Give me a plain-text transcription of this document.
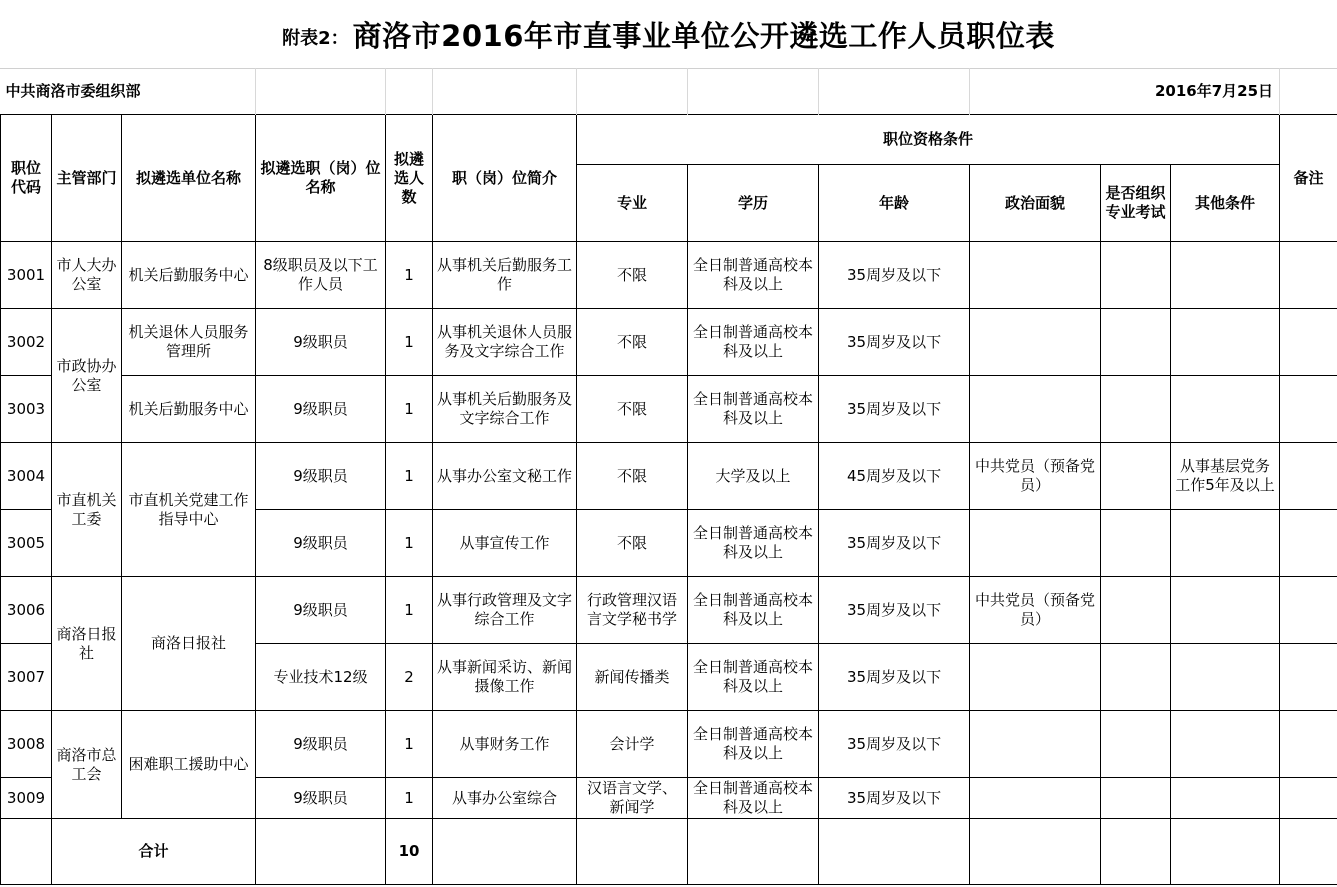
附表2： 商洛市2016年市直事业单位公开遴选工作人员职位表
中共商洛市委组织部									2016年7月25日			
职位代码	主管部门	拟遴选单位名称	拟遴选职（岗）位名称	拟遴选人数	职（岗）位简介	职位资格条件						备注
						专业	学历	年龄	政治面貌	是否组织专业考试	其他条件	
3001	市人大办公室	机关后勤服务中心	8级职员及以下工作人员	1	从事机关后勤服务工作	不限	全日制普通高校本科及以上	35周岁及以下				
3002	市政协办公室	机关退休人员服务管理所	9级职员	1	从事机关退休人员服务及文字综合工作	不限	全日制普通高校本科及以上	35周岁及以下				
3003		机关后勤服务中心	9级职员	1	从事机关后勤服务及文字综合工作	不限	全日制普通高校本科及以上	35周岁及以下				
3004	市直机关工委	市直机关党建工作指导中心	9级职员	1	从事办公室文秘工作	不限	大学及以上	45周岁及以下	中共党员（预备党员）		从事基层党务工作5年及以上	
3005			9级职员	1	从事宣传工作	不限	全日制普通高校本科及以上	35周岁及以下				
3006	商洛日报社	商洛日报社	9级职员	1	从事行政管理及文字综合工作	行政管理汉语言文学秘书学	全日制普通高校本科及以上	35周岁及以下	中共党员（预备党员）			
3007			专业技术12级	2	从事新闻采访、新闻摄像工作	新闻传播类	全日制普通高校本科及以上	35周岁及以下				
3008	商洛市总工会	困难职工援助中心	9级职员	1	从事财务工作	会计学	全日制普通高校本科及以上	35周岁及以下				
3009			9级职员	1	从事办公室综合	汉语言文学、新闻学	全日制普通高校本科及以上	35周岁及以下				
	合计			10								
